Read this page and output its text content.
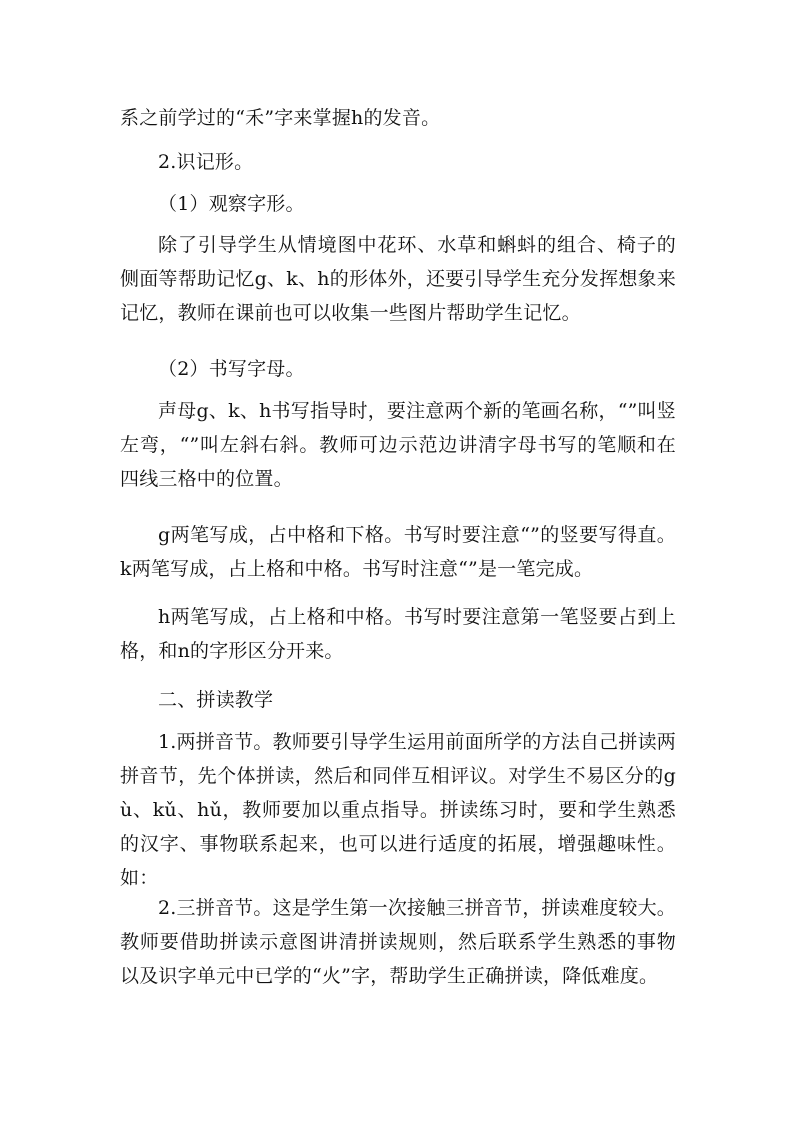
系之前学过的“禾”字来掌握h的发音。

2.识记形。

（1）观察字形。

除了引导学生从情境图中花环、水草和蝌蚪的组合、椅子的侧面等帮助记忆g、k、h的形体外，还要引导学生充分发挥想象来记忆，教师在课前也可以收集一些图片帮助学生记忆。

（2）书写字母。

声母g、k、h书写指导时，要注意两个新的笔画名称，“”叫竖左弯，“”叫左斜右斜。教师可边示范边讲清字母书写的笔顺和在四线三格中的位置。

g两笔写成，占中格和下格。书写时要注意“”的竖要写得直。k两笔写成，占上格和中格。书写时注意“”是一笔完成。

h两笔写成，占上格和中格。书写时要注意第一笔竖要占到上格，和n的字形区分开来。

二、拼读教学

1.两拼音节。教师要引导学生运用前面所学的方法自己拼读两拼音节，先个体拼读，然后和同伴互相评议。对学生不易区分的gù、kǔ、hǔ，教师要加以重点指导。拼读练习时，要和学生熟悉的汉字、事物联系起来，也可以进行适度的拓展，增强趣味性。如：

2.三拼音节。这是学生第一次接触三拼音节，拼读难度较大。教师要借助拼读示意图讲清拼读规则，然后联系学生熟悉的事物以及识字单元中已学的“火”字，帮助学生正确拼读，降低难度。
